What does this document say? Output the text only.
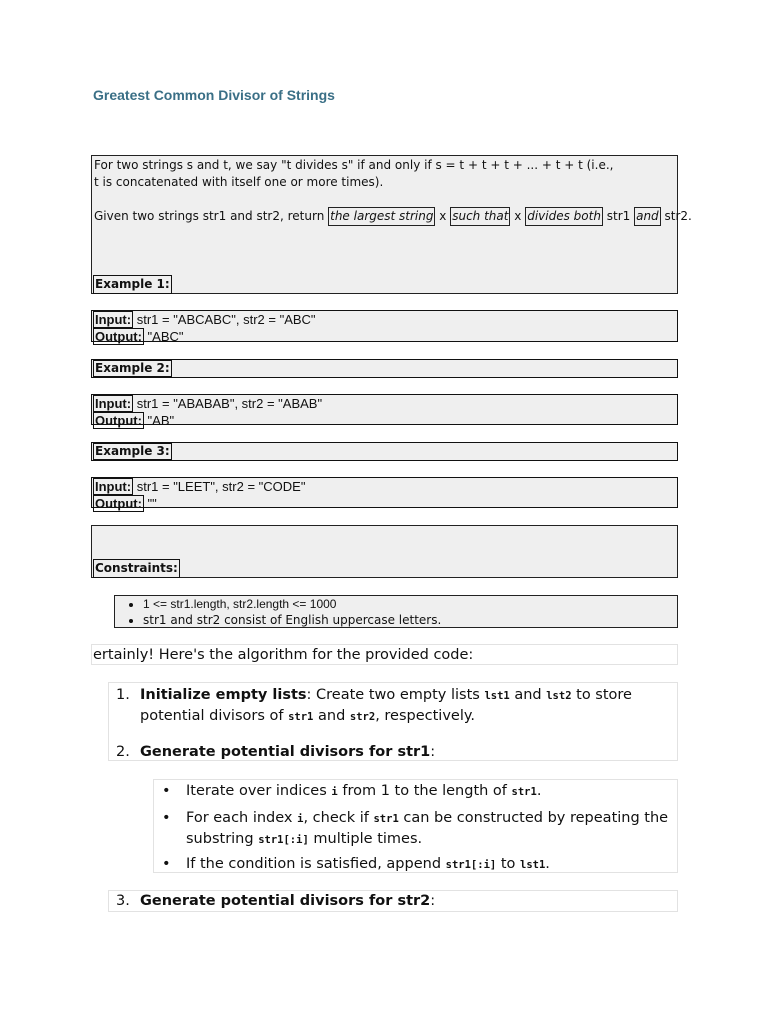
Greatest Common Divisor of Strings
For two strings s and t, we say "t divides s" if and only if s = t + t + t + ... + t + t (i.e., t is concatenated with itself one or more times).
Given two strings str1 and str2, return the largest string x such that x divides both str1 and str2.
Example 1:
Input: str1 = "ABCABC", str2 = "ABC"
Output: "ABC"
Example 2:
Input: str1 = "ABABAB", str2 = "ABAB"
Output: "AB"
Example 3:
Input: str1 = "LEET", str2 = "CODE"
Output: ""
Constraints:
• 1 <= str1.length, str2.length <= 1000
• str1 and str2 consist of English uppercase letters.
ertainly! Here's the algorithm for the provided code:
1. Initialize empty lists: Create two empty lists lst1 and lst2 to store potential divisors of str1 and str2, respectively.
2. Generate potential divisors for str1:
• Iterate over indices i from 1 to the length of str1.
• For each index i, check if str1 can be constructed by repeating the substring str1[:i] multiple times.
• If the condition is satisfied, append str1[:i] to lst1.
3. Generate potential divisors for str2:
